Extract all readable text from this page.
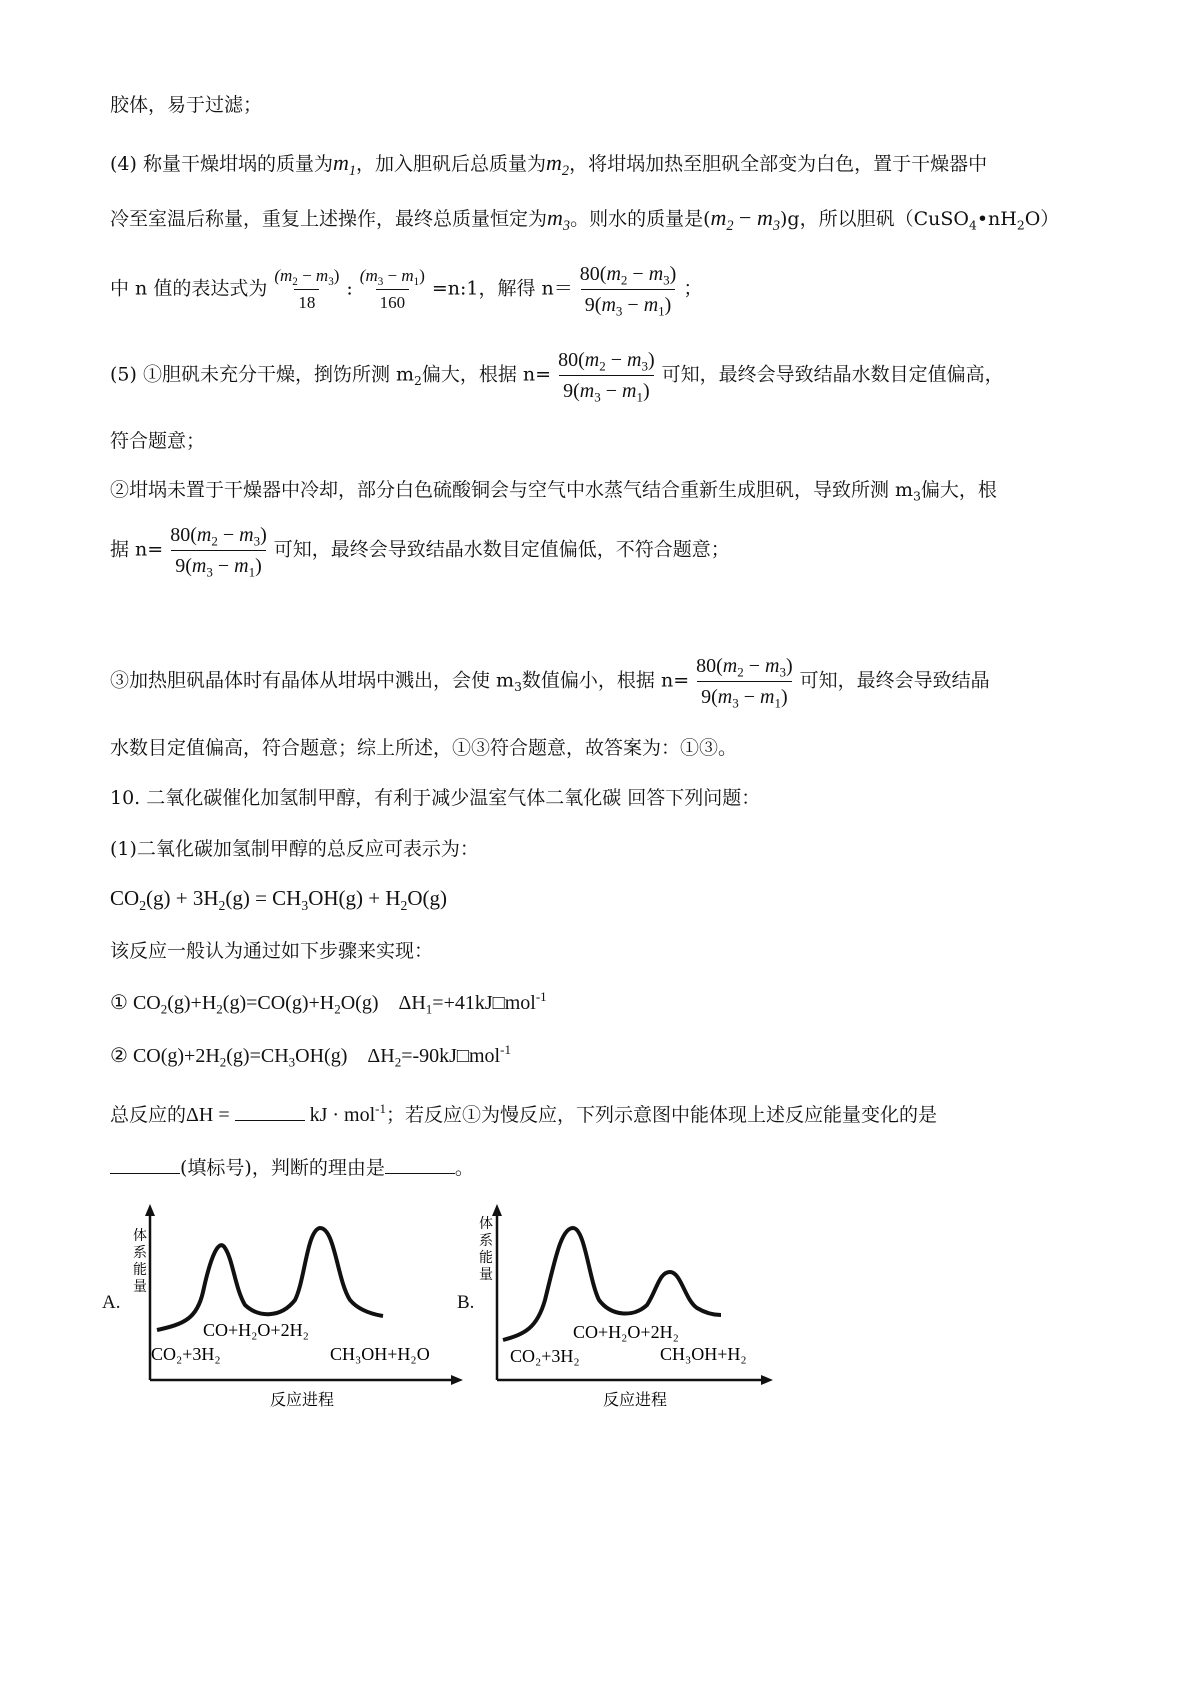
胶体，易于过滤；
(4) 称量干燥坩埚的质量为$m_1$，加入胆矾后总质量为$m_2$，将坩埚加热至胆矾全部变为白色，置于干燥器中
冷至室温后称量，重复上述操作，最终总质量恒定为$m_3$。则水的质量是$(m_2 - m_3)g$，所以胆矾$(CuSO_4•nH_2O)$
中 n 值的表达式为 $\frac{(m_2 - m_3)}{18}$ : $\frac{(m_3 - m_1)}{160}$ =n:1，解得 $n= \frac{80(m_2 - m_3)}{9(m_3 - m_1)}$ ；
(5) ①胆矾未充分干燥，捯饬所测 $m_2$偏大，根据 $n= \frac{80(m_2 - m_3)}{9(m_3 - m_1)}$ 可知，最终会导致结晶水数目定值偏高，
符合题意；
②坩埚未置于干燥器中冷却，部分白色硫酸铜会与空气中水蒸气结合重新生成胆矾，导致所测 $m_3$偏大，根
据 $n= \frac{80(m_2 - m_3)}{9(m_3 - m_1)}$ 可知，最终会导致结晶水数目定值偏低，不符合题意；
③加热胆矾晶体时有晶体从坩埚中溅出，会使 $m_3$数值偏小，根据 $n= \frac{80(m_2 - m_3)}{9(m_3 - m_1)}$ 可知，最终会导致结晶
水数目定值偏高，符合题意；综上所述，①③符合题意，故答案为：①③。
10. 二氧化碳催化加氢制甲醇，有利于减少温室气体二氧化碳 回答下列问题：
(1)二氧化碳加氢制甲醇的总反应可表示为：
$CO_2(g) + 3H_2(g) = CH_3OH(g) + H_2O(g)$
该反应一般认为通过如下步骤来实现：
① $CO_2(g)+H_2(g)=CO(g)+H_2O(g)$    $\Delta H_1=+41kJ□mol^{-1}$
② $CO(g)+2H_2(g)=CH_3OH(g)$    $\Delta H_2=-90kJ□mol^{-1}$
总反应的ΔH =	kJ · mol$^{-1}$；若反应①为慢反应，下列示意图中能体现上述反应能量变化的是
(填标号)，判断的理由是	。
A.
体系能量
CO+H₂O+2H₂
CO₂+3H₂	CH₃OH+H₂O
反应进程
B.
体系能量
CO+H₂O+2H₂
CO₂+3H₂	CH₃OH+H₂
反应进程
